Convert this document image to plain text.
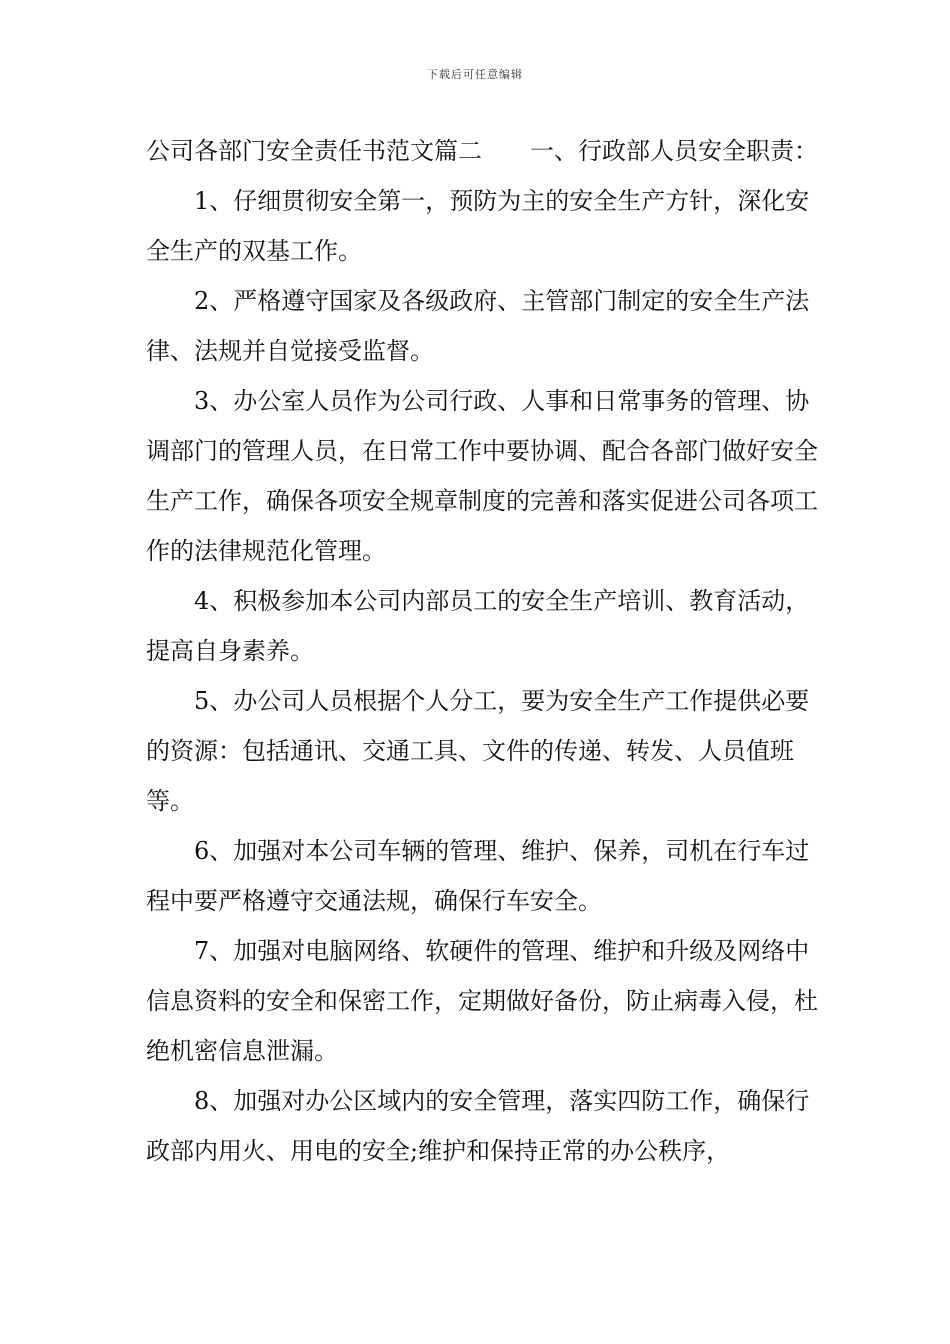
下载后可任意编辑

公司各部门安全责任书范文篇二　　一、行政部人员安全职责：

1、仔细贯彻安全第一，预防为主的安全生产方针，深化安全生产的双基工作。

2、严格遵守国家及各级政府、主管部门制定的安全生产法律、法规并自觉接受监督。

3、办公室人员作为公司行政、人事和日常事务的管理、协调部门的管理人员，在日常工作中要协调、配合各部门做好安全生产工作，确保各项安全规章制度的完善和落实促进公司各项工作的法律规范化管理。

4、积极参加本公司内部员工的安全生产培训、教育活动，提高自身素养。

5、办公司人员根据个人分工，要为安全生产工作提供必要的资源：包括通讯、交通工具、文件的传递、转发、人员值班等。

6、加强对本公司车辆的管理、维护、保养，司机在行车过程中要严格遵守交通法规，确保行车安全。

7、加强对电脑网络、软硬件的管理、维护和升级及网络中信息资料的安全和保密工作，定期做好备份，防止病毒入侵，杜绝机密信息泄漏。

8、加强对办公区域内的安全管理，落实四防工作，确保行政部内用火、用电的安全;维护和保持正常的办公秩序，
